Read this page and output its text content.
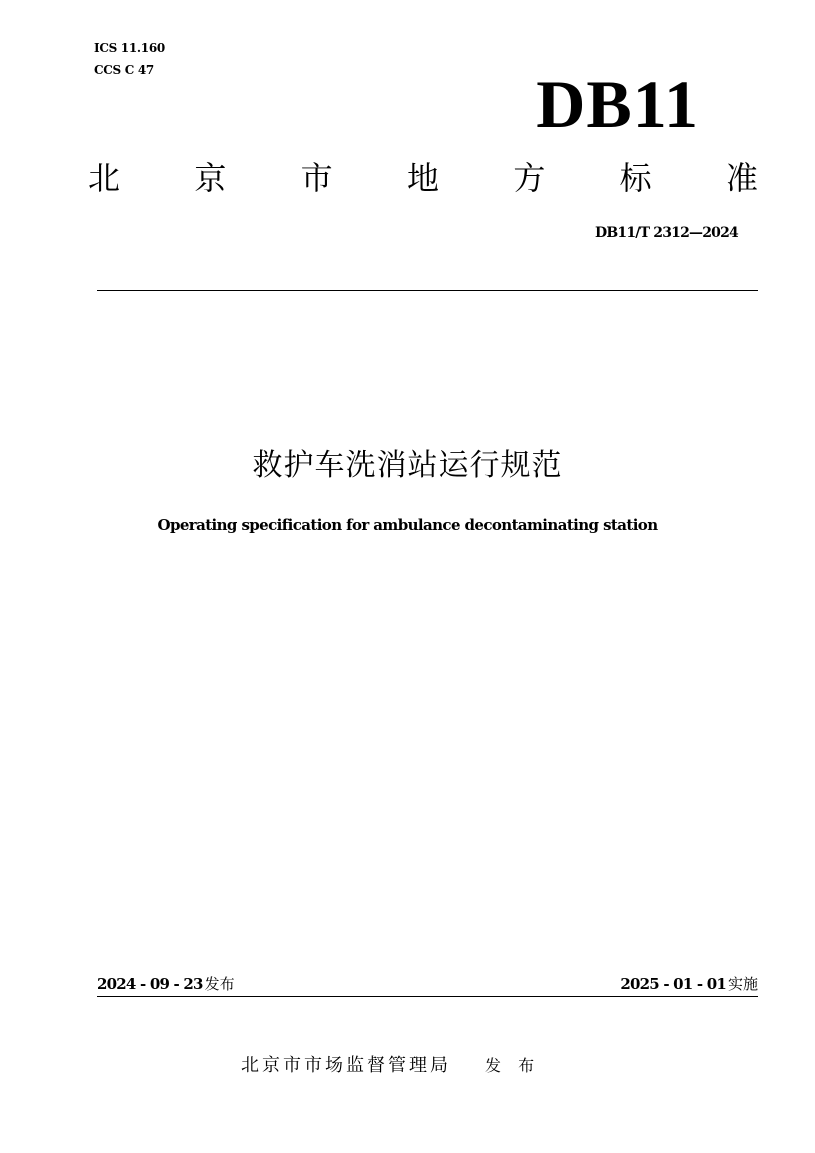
ICS 11.160
CCS C 47	DB11
北 京 市 地 方 标 准
DB11/T 2312—2024
救护车洗消站运行规范
Operating specification for ambulance decontaminating station
2024 - 09 - 23 发布	2025 - 01 - 01 实施
北京市市场监督管理局 发 布
